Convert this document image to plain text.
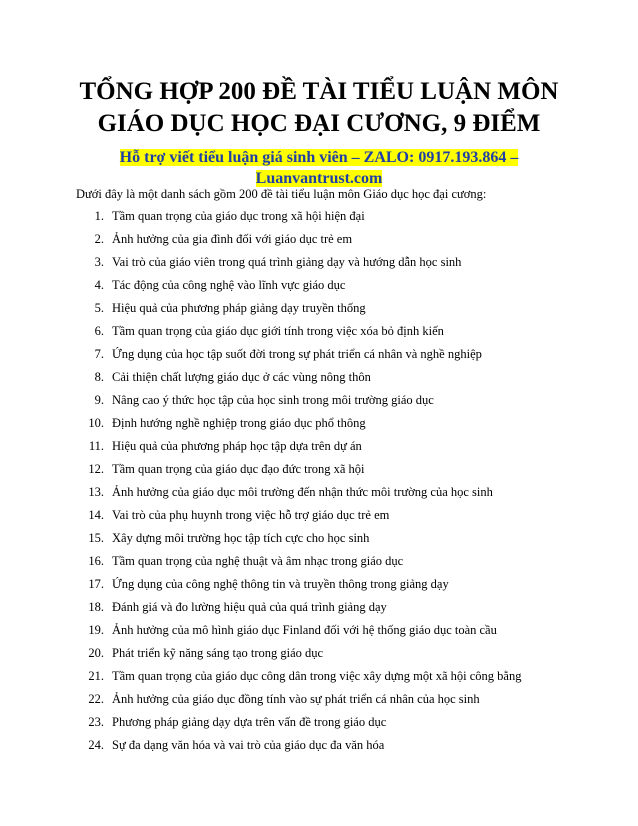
TỔNG HỢP 200 ĐỀ TÀI TIỂU LUẬN MÔN
GIÁO DỤC HỌC ĐẠI CƯƠNG, 9 ĐIỂM
Hỗ trợ viết tiểu luận giá sinh viên – ZALO: 0917.193.864 –
Luanvantrust.com
Dưới đây là một danh sách gồm 200 đề tài tiểu luận môn Giáo dục học đại cương:
1. Tầm quan trọng của giáo dục trong xã hội hiện đại
2. Ảnh hưởng của gia đình đối với giáo dục trẻ em
3. Vai trò của giáo viên trong quá trình giảng dạy và hướng dẫn học sinh
4. Tác động của công nghệ vào lĩnh vực giáo dục
5. Hiệu quả của phương pháp giảng dạy truyền thống
6. Tầm quan trọng của giáo dục giới tính trong việc xóa bỏ định kiến
7. Ứng dụng của học tập suốt đời trong sự phát triển cá nhân và nghề nghiệp
8. Cải thiện chất lượng giáo dục ở các vùng nông thôn
9. Nâng cao ý thức học tập của học sinh trong môi trường giáo dục
10. Định hướng nghề nghiệp trong giáo dục phổ thông
11. Hiệu quả của phương pháp học tập dựa trên dự án
12. Tầm quan trọng của giáo dục đạo đức trong xã hội
13. Ảnh hưởng của giáo dục môi trường đến nhận thức môi trường của học sinh
14. Vai trò của phụ huynh trong việc hỗ trợ giáo dục trẻ em
15. Xây dựng môi trường học tập tích cực cho học sinh
16. Tầm quan trọng của nghệ thuật và âm nhạc trong giáo dục
17. Ứng dụng của công nghệ thông tin và truyền thông trong giảng dạy
18. Đánh giá và đo lường hiệu quả của quá trình giảng dạy
19. Ảnh hưởng của mô hình giáo dục Finland đối với hệ thống giáo dục toàn cầu
20. Phát triển kỹ năng sáng tạo trong giáo dục
21. Tầm quan trọng của giáo dục công dân trong việc xây dựng một xã hội công bằng
22. Ảnh hưởng của giáo dục đồng tính vào sự phát triển cá nhân của học sinh
23. Phương pháp giảng dạy dựa trên vấn đề trong giáo dục
24. Sự đa dạng văn hóa và vai trò của giáo dục đa văn hóa
